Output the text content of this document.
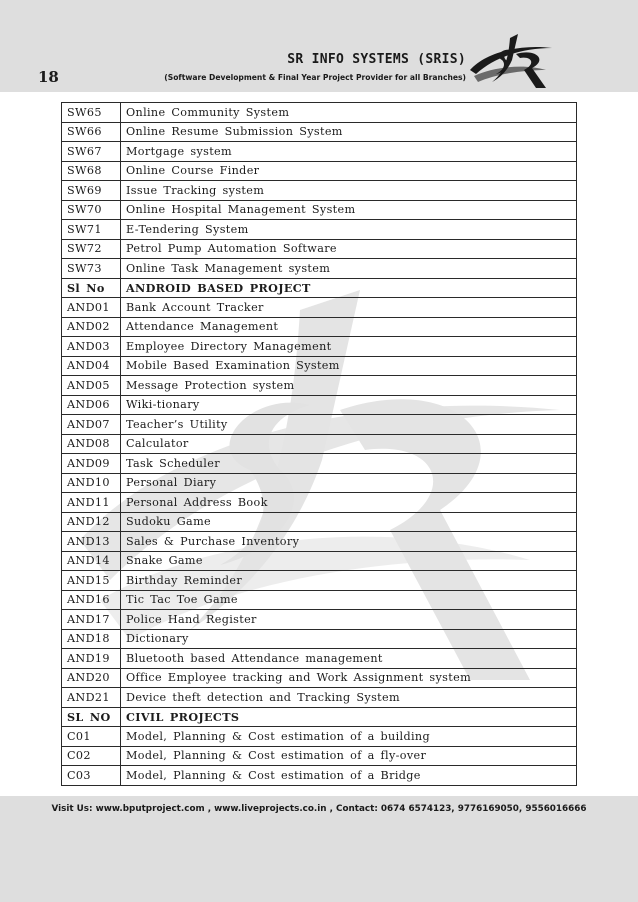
18
SR INFO SYSTEMS (SRIS)
(Software Development & Final Year Project Provider for all Branches)
SW65	Online Community System
SW66	Online Resume Submission System
SW67	Mortgage system
SW68	Online Course Finder
SW69	Issue Tracking system
SW70	Online Hospital Management System
SW71	E-Tendering System
SW72	Petrol Pump Automation Software
SW73	Online Task Management system
Sl No	ANDROID BASED PROJECT
AND01	Bank Account Tracker
AND02	Attendance Management
AND03	Employee Directory Management
AND04	Mobile Based Examination System
AND05	Message Protection system
AND06	Wiki-tionary
AND07	Teacher’s Utility
AND08	Calculator
AND09	Task Scheduler
AND10	Personal Diary
AND11	Personal Address Book
AND12	Sudoku Game
AND13	Sales & Purchase Inventory
AND14	Snake Game
AND15	Birthday Reminder
AND16	Tic Tac Toe Game
AND17	Police Hand Register
AND18	Dictionary
AND19	Bluetooth based Attendance management
AND20	Office Employee tracking and Work Assignment system
AND21	Device theft detection and Tracking System
SL NO	CIVIL PROJECTS
C01	Model, Planning & Cost estimation of a building
C02	Model, Planning & Cost estimation of a fly-over
C03	Model, Planning & Cost estimation of a Bridge
Visit Us: www.bputproject.com , www.liveprojects.co.in , Contact: 0674 6574123, 9776169050, 9556016666
